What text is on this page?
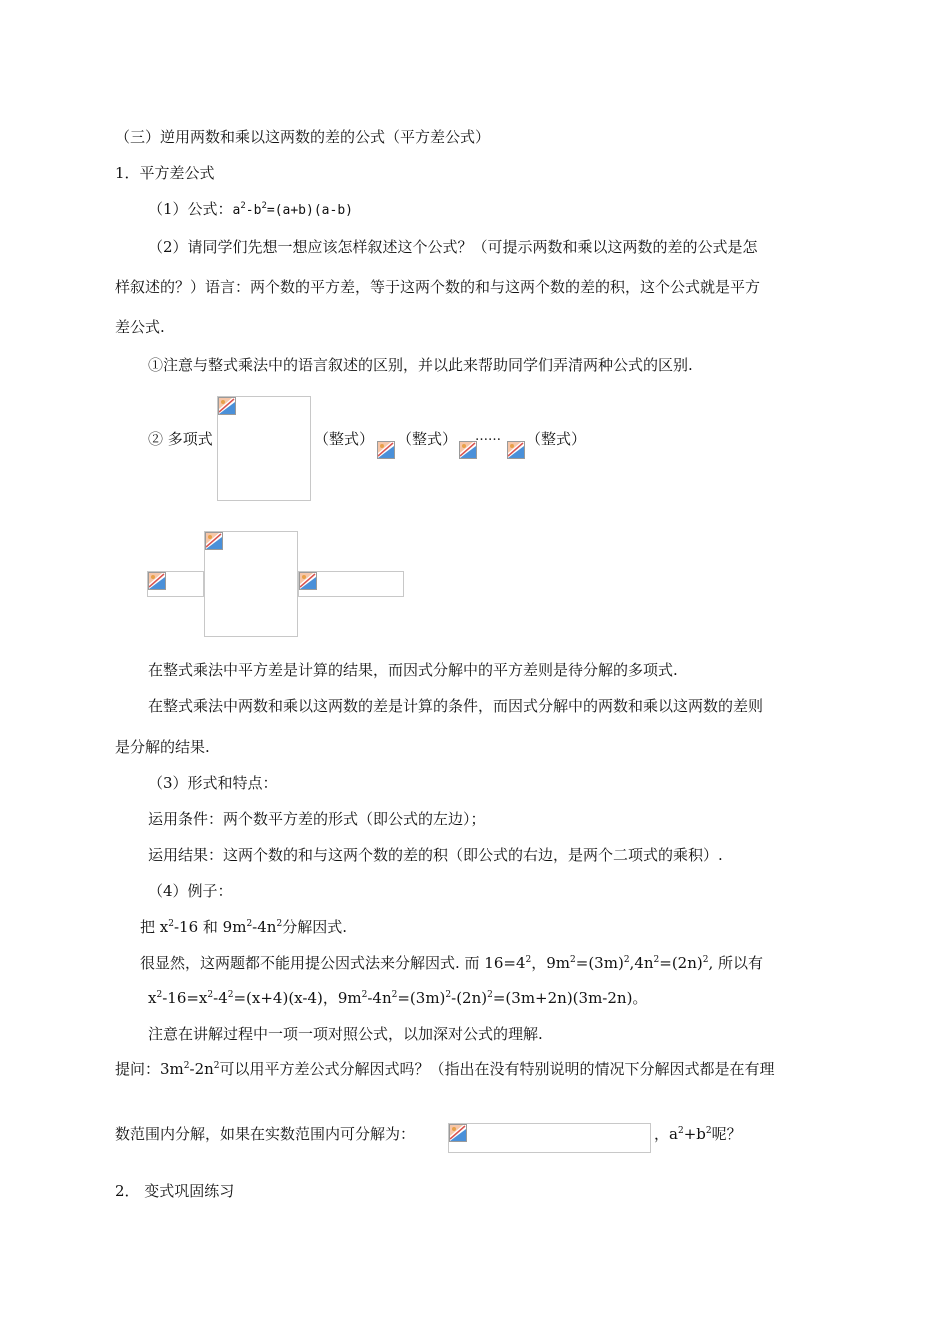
（三）逆用两数和乘以这两数的差的公式（平方差公式）
1．平方差公式
（1）公式：$a^2-b^2=(a+b)(a-b)$
（2）请同学们先想一想应该怎样叙述这个公式？（可提示两数和乘以这两数的差的公式是怎
样叙述的？）语言：两个数的平方差，等于这两个数的和与这两个数的差的积，这个公式就是平方
差公式.
①注意与整式乘法中的语言叙述的区别，并以此来帮助同学们弄清两种公式的区别.
② 多项式	（整式） （整式） …… （整式）
在整式乘法中平方差是计算的结果，而因式分解中的平方差则是待分解的多项式.
在整式乘法中两数和乘以这两数的差是计算的条件，而因式分解中的两数和乘以这两数的差则
是分解的结果.
（3）形式和特点：
运用条件：两个数平方差的形式（即公式的左边）；
运用结果：这两个数的和与这两个数的差的积（即公式的右边，是两个二项式的乘积）.
（4）例子：
把 $x^2-16$ 和 $9m^2-4n^2$分解因式.
很显然，这两题都不能用提公因式法来分解因式. 而 $16=4^2$，$9m^2=(3m)^2,4n^2=(2n)^2$, 所以有
$x^2-16=x^2-4^2=(x+4)(x-4)$，$9m^2-4n^2=(3m)^2-(2n)^2=(3m+2n)(3m-2n)$。
注意在讲解过程中一项一项对照公式，以加深对公式的理解.
提问：$3m^2-2n^2$可以用平方差公式分解因式吗？（指出在没有特别说明的情况下分解因式都是在有理
数范围内分解，如果在实数范围内可分解为：	，$a^2+b^2$呢？
2． 变式巩固练习
